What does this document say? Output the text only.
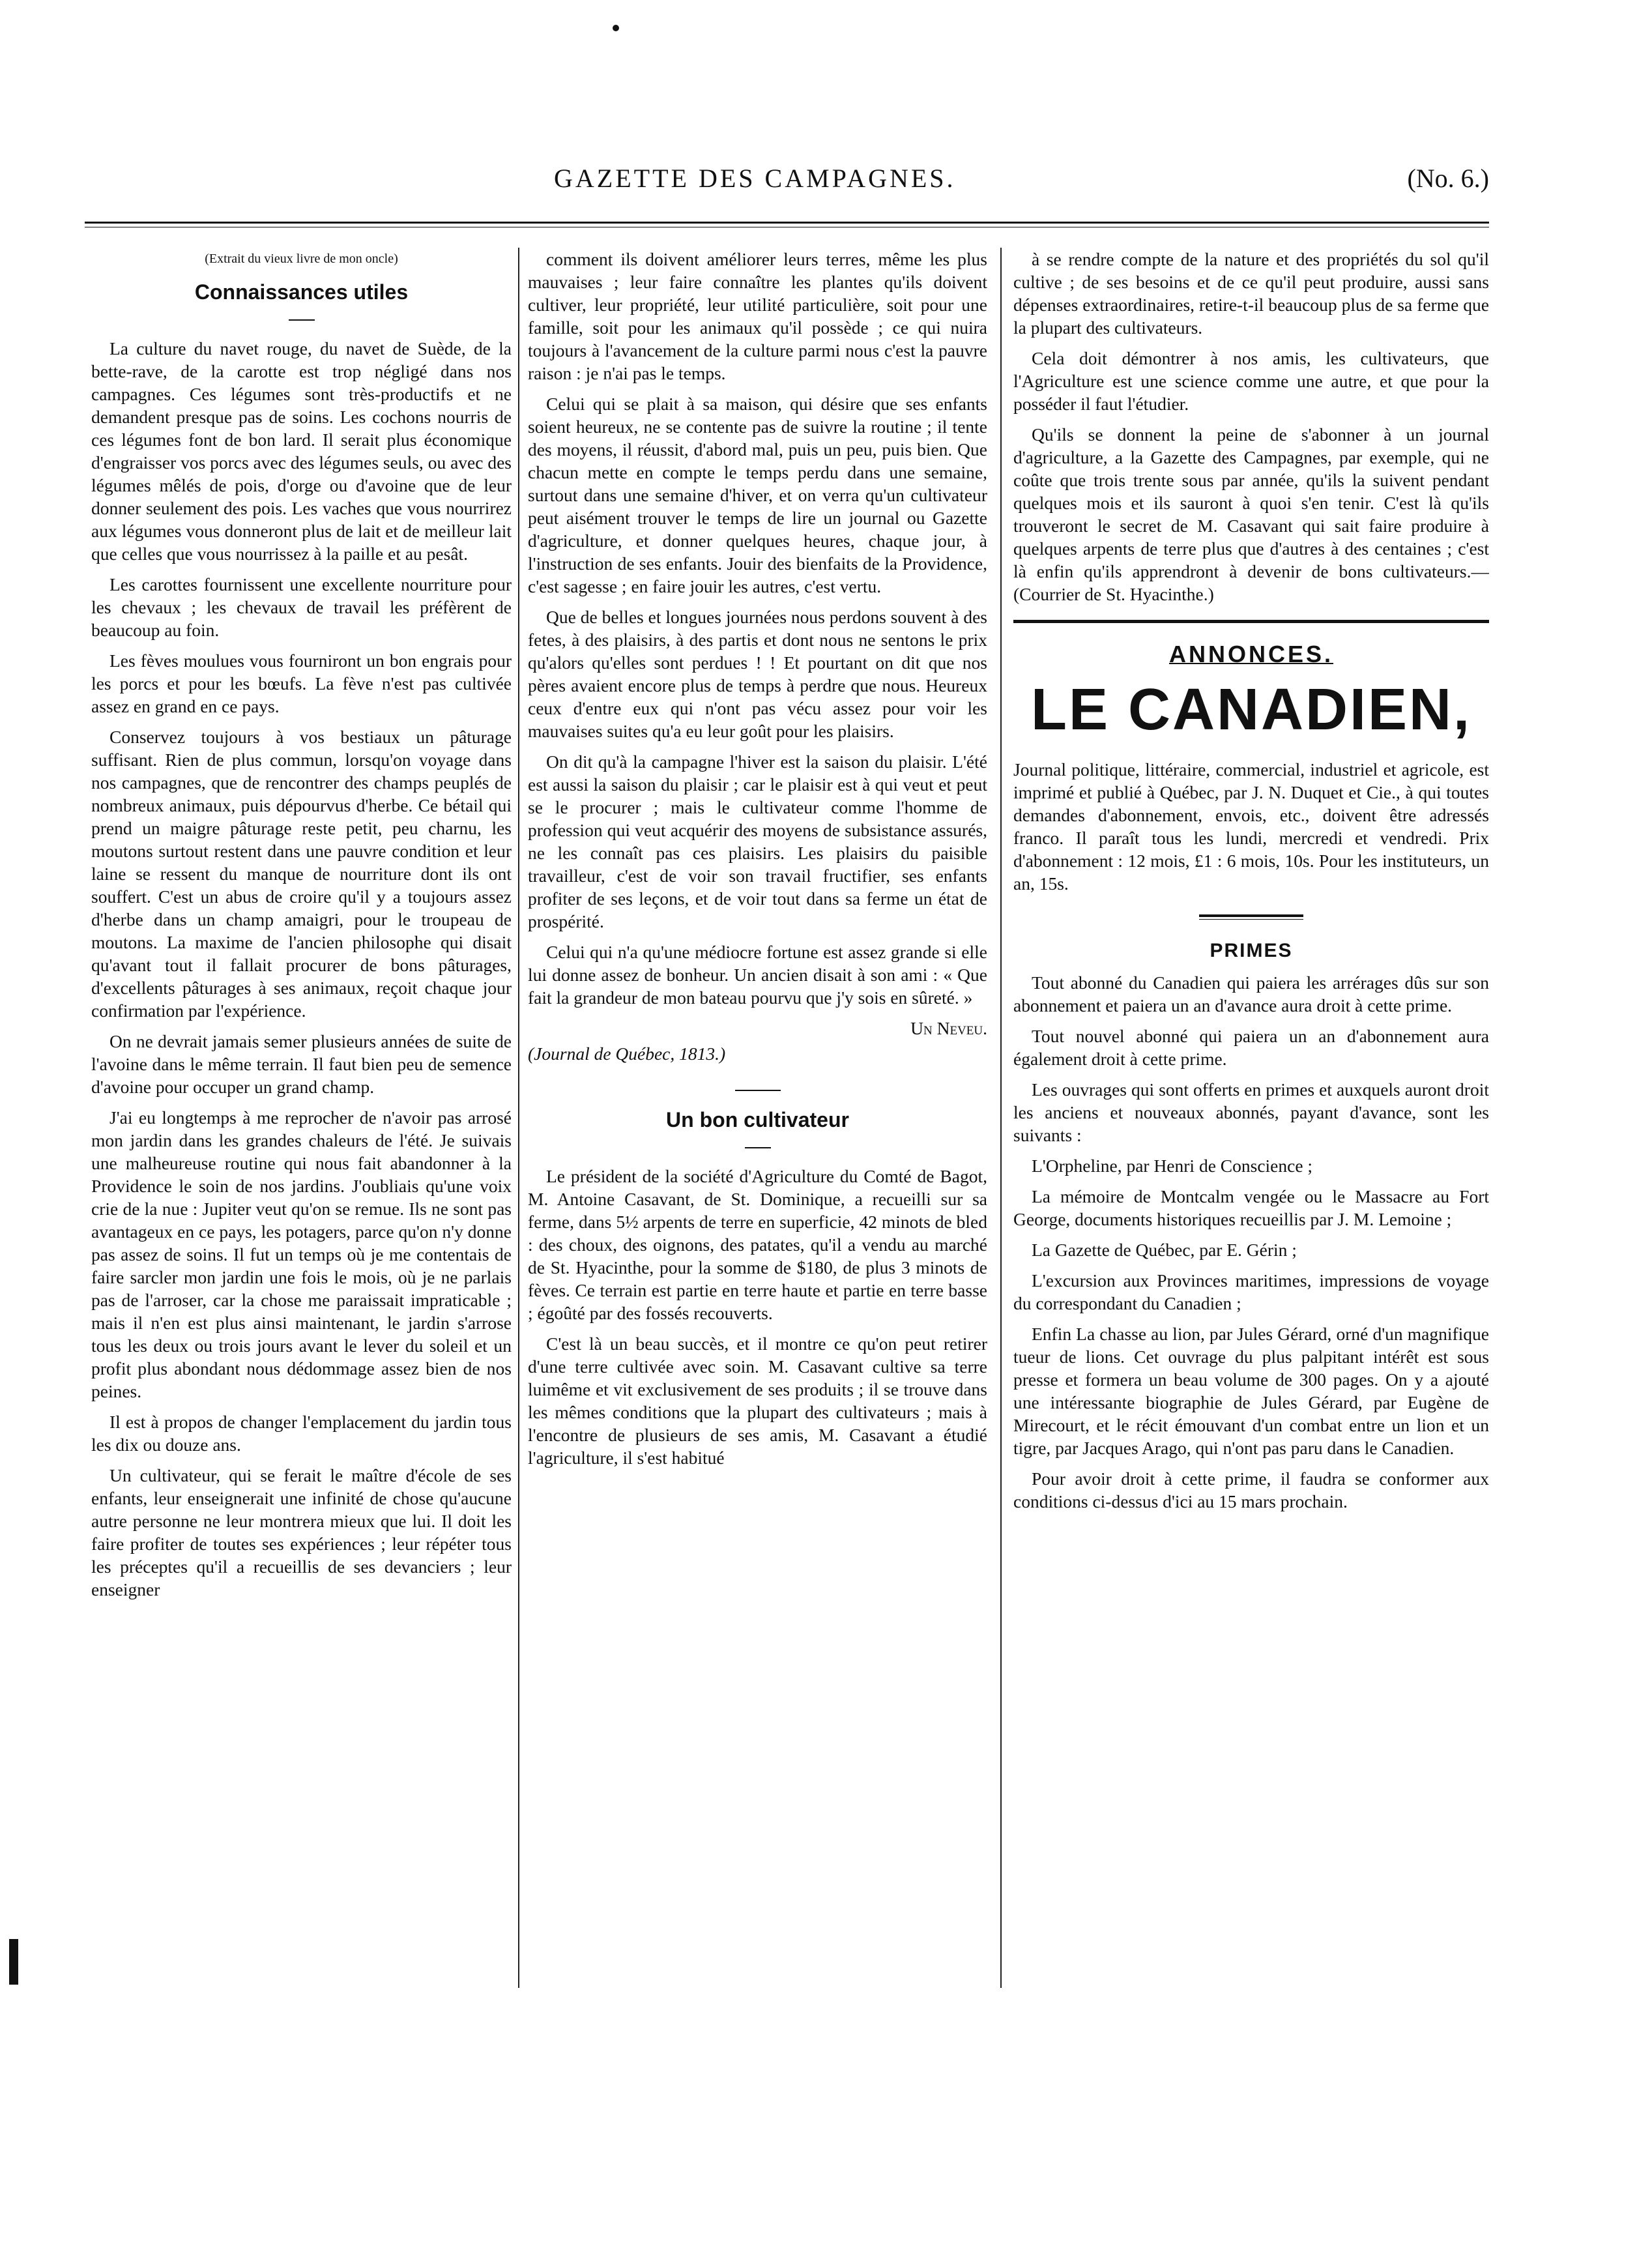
GAZETTE DES CAMPAGNES.	(No. 6.)

(Extrait du vieux livre de mon oncle)

Connaissances utiles

La culture du navet rouge, du navet de Suède, de la bette-rave, de la carotte est trop négligé dans nos campagnes. Ces légumes sont très-productifs et ne demandent presque pas de soins. Les cochons nourris de ces légumes font de bon lard. Il serait plus économique d'engraisser vos porcs avec des légumes seuls, ou avec des légumes mêlés de pois, d'orge ou d'avoine que de leur donner seulement des pois. Les vaches que vous nourrirez aux légumes vous donneront plus de lait et de meilleur lait que celles que vous nourrissez à la paille et au pesât.

Les carottes fournissent une excellente nourriture pour les chevaux ; les chevaux de travail les préfèrent de beaucoup au foin.

Les fèves moulues vous fourniront un bon engrais pour les porcs et pour les bœufs. La fève n'est pas cultivée assez en grand en ce pays.

Conservez toujours à vos bestiaux un pâturage suffisant. Rien de plus commun, lorsqu'on voyage dans nos campagnes, que de rencontrer des champs peuplés de nombreux animaux, puis dépourvus d'herbe. Ce bétail qui prend un maigre pâturage reste petit, peu charnu, les moutons surtout restent dans une pauvre condition et leur laine se ressent du manque de nourriture dont ils ont souffert. C'est un abus de croire qu'il y a toujours assez d'herbe dans un champ amaigri, pour le troupeau de moutons. La maxime de l'ancien philosophe qui disait qu'avant tout il fallait procurer de bons pâturages, d'excellents pâturages à ses animaux, reçoit chaque jour confirmation par l'expérience.

On ne devrait jamais semer plusieurs années de suite de l'avoine dans le même terrain. Il faut bien peu de semence d'avoine pour occuper un grand champ.

J'ai eu longtemps à me reprocher de n'avoir pas arrosé mon jardin dans les grandes chaleurs de l'été. Je suivais une malheureuse routine qui nous fait abandonner à la Providence le soin de nos jardins. J'oubliais qu'une voix crie de la nue : Jupiter veut qu'on se remue. Ils ne sont pas avantageux en ce pays, les potagers, parce qu'on n'y donne pas assez de soins. Il fut un temps où je me contentais de faire sarcler mon jardin une fois le mois, où je ne parlais pas de l'arroser, car la chose me paraissait impraticable ; mais il n'en est plus ainsi maintenant, le jardin s'arrose tous les deux ou trois jours avant le lever du soleil et un profit plus abondant nous dédommage assez bien de nos peines.

Il est à propos de changer l'emplacement du jardin tous les dix ou douze ans.

Un cultivateur, qui se ferait le maître d'école de ses enfants, leur enseignerait une infinité de chose qu'aucune autre personne ne leur montrera mieux que lui. Il doit les faire profiter de toutes ses expériences ; leur répéter tous les préceptes qu'il a recueillis de ses devanciers ; leur enseigner

comment ils doivent améliorer leurs terres, même les plus mauvaises ; leur faire connaître les plantes qu'ils doivent cultiver, leur propriété, leur utilité particulière, soit pour une famille, soit pour les animaux qu'il possède ; ce qui nuira toujours à l'avancement de la culture parmi nous c'est la pauvre raison : je n'ai pas le temps.

Celui qui se plait à sa maison, qui désire que ses enfants soient heureux, ne se contente pas de suivre la routine ; il tente des moyens, il réussit, d'abord mal, puis un peu, puis bien. Que chacun mette en compte le temps perdu dans une semaine, surtout dans une semaine d'hiver, et on verra qu'un cultivateur peut aisément trouver le temps de lire un journal ou Gazette d'agriculture, et donner quelques heures, chaque jour, à l'instruction de ses enfants. Jouir des bienfaits de la Providence, c'est sagesse ; en faire jouir les autres, c'est vertu.

Que de belles et longues journées nous perdons souvent à des fetes, à des plaisirs, à des partis et dont nous ne sentons le prix qu'alors qu'elles sont perdues ! ! Et pourtant on dit que nos pères avaient encore plus de temps à perdre que nous. Heureux ceux d'entre eux qui n'ont pas vécu assez pour voir les mauvaises suites qu'a eu leur goût pour les plaisirs.

On dit qu'à la campagne l'hiver est la saison du plaisir. L'été est aussi la saison du plaisir ; car le plaisir est à qui veut et peut se le procurer ; mais le cultivateur comme l'homme de profession qui veut acquérir des moyens de subsistance assurés, ne les connaît pas ces plaisirs. Les plaisirs du paisible travailleur, c'est de voir son travail fructifier, ses enfants profiter de ses leçons, et de voir tout dans sa ferme un état de prospérité.

Celui qui n'a qu'une médiocre fortune est assez grande si elle lui donne assez de bonheur. Un ancien disait à son ami : « Que fait la grandeur de mon bateau pourvu que j'y sois en sûreté. »

Un Neveu.

(Journal de Québec, 1813.)

Un bon cultivateur

Le président de la société d'Agriculture du Comté de Bagot, M. Antoine Casavant, de St. Dominique, a recueilli sur sa ferme, dans 5½ arpents de terre en superficie, 42 minots de bled : des choux, des oignons, des patates, qu'il a vendu au marché de St. Hyacinthe, pour la somme de $180, de plus 3 minots de fèves. Ce terrain est partie en terre haute et partie en terre basse ; égoûté par des fossés recouverts.

C'est là un beau succès, et il montre ce qu'on peut retirer d'une terre cultivée avec soin. M. Casavant cultive sa terre luimême et vit exclusivement de ses produits ; il se trouve dans les mêmes conditions que la plupart des cultivateurs ; mais à l'encontre de plusieurs de ses amis, M. Casavant a étudié l'agriculture, il s'est habitué

à se rendre compte de la nature et des propriétés du sol qu'il cultive ; de ses besoins et de ce qu'il peut produire, aussi sans dépenses extraordinaires, retire-t-il beaucoup plus de sa ferme que la plupart des cultivateurs.

Cela doit démontrer à nos amis, les cultivateurs, que l'Agriculture est une science comme une autre, et que pour la posséder il faut l'étudier.

Qu'ils se donnent la peine de s'abonner à un journal d'agriculture, a la Gazette des Campagnes, par exemple, qui ne coûte que trois trente sous par année, qu'ils la suivent pendant quelques mois et ils sauront à quoi s'en tenir. C'est là qu'ils trouveront le secret de M. Casavant qui sait faire produire à quelques arpents de terre plus que d'autres à des centaines ; c'est là enfin qu'ils apprendront à devenir de bons cultivateurs.— (Courrier de St. Hyacinthe.)

ANNONCES.
LE CANADIEN,

Journal politique, littéraire, commercial, industriel et agricole, est imprimé et publié à Québec, par J. N. Duquet et Cie., à qui toutes demandes d'abonnement, envois, etc., doivent être adressés franco. Il paraît tous les lundi, mercredi et vendredi. Prix d'abonnement : 12 mois, £1 : 6 mois, 10s. Pour les instituteurs, un an, 15s.

PRIMES

Tout abonné du Canadien qui paiera les arrérages dûs sur son abonnement et paiera un an d'avance aura droit à cette prime.

Tout nouvel abonné qui paiera un an d'abonnement aura également droit à cette prime.

Les ouvrages qui sont offerts en primes et auxquels auront droit les anciens et nouveaux abonnés, payant d'avance, sont les suivants :

L'Orpheline, par Henri de Conscience ;

La mémoire de Montcalm vengée ou le Massacre au Fort George, documents historiques recueillis par J. M. Lemoine ;

La Gazette de Québec, par E. Gérin ;

L'excursion aux Provinces maritimes, impressions de voyage du correspondant du Canadien ;

Enfin La chasse au lion, par Jules Gérard, orné d'un magnifique tueur de lions. Cet ouvrage du plus palpitant intérêt est sous presse et formera un beau volume de 300 pages. On y a ajouté une intéressante biographie de Jules Gérard, par Eugène de Mirecourt, et le récit émouvant d'un combat entre un lion et un tigre, par Jacques Arago, qui n'ont pas paru dans le Canadien.

Pour avoir droit à cette prime, il faudra se conformer aux conditions ci-dessus d'ici au 15 mars prochain.
